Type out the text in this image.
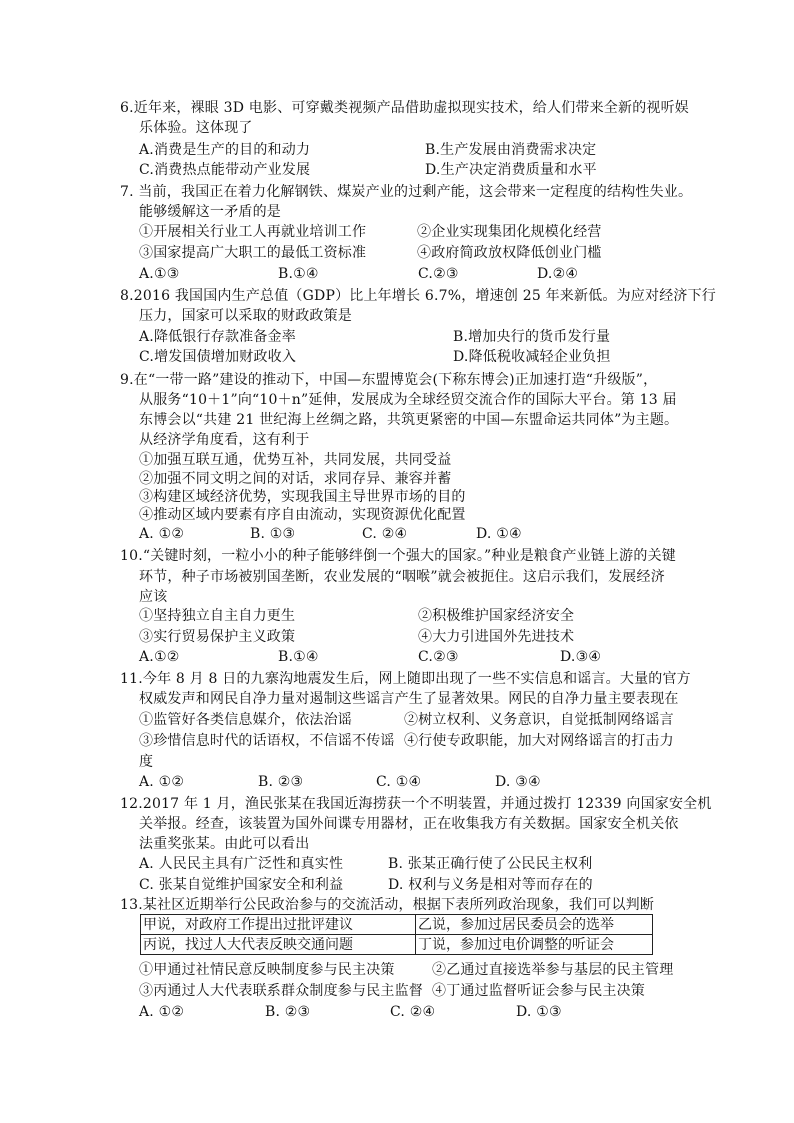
6.近年来，裸眼 3D 电影、可穿戴类视频产品借助虚拟现实技术，给人们带来全新的视听娱
乐体验。这体现了
A.消费是生产的目的和动力	B.生产发展由消费需求决定
C.消费热点能带动产业发展	D.生产决定消费质量和水平
7. 当前，我国正在着力化解钢铁、煤炭产业的过剩产能，这会带来一定程度的结构性失业。
能够缓解这一矛盾的是
①开展相关行业工人再就业培训工作	②企业实现集团化规模化经营
③国家提高广大职工的最低工资标准	④政府简政放权降低创业门槛
A.①③	B.①④	C.②③	D.②④
8.2016 我国国内生产总值（GDP）比上年增长 6.7%，增速创 25 年来新低。为应对经济下行
压力，国家可以采取的财政政策是
A.降低银行存款准备金率	B.增加央行的货币发行量
C.增发国债增加财政收入	D.降低税收减轻企业负担
9.在“一带一路”建设的推动下，中国—东盟博览会(下称东博会)正加速打造“升级版”，
从服务“10＋1”向“10＋n”延伸，发展成为全球经贸交流合作的国际大平台。第 13 届
东博会以“共建 21 世纪海上丝绸之路，共筑更紧密的中国—东盟命运共同体”为主题。
从经济学角度看，这有利于
①加强互联互通，优势互补，共同发展，共同受益
②加强不同文明之间的对话，求同存异、兼容并蓄
③构建区域经济优势，实现我国主导世界市场的目的
④推动区域内要素有序自由流动，实现资源优化配置
A. ①②	B. ①③	C. ②④	D. ①④
10.“关键时刻，一粒小小的种子能够绊倒一个强大的国家。”种业是粮食产业链上游的关键
环节，种子市场被别国垄断，农业发展的“咽喉”就会被扼住。这启示我们，发展经济
应该
①坚持独立自主自力更生	②积极维护国家经济安全
③实行贸易保护主义政策	④大力引进国外先进技术
A.①②	B.①④	C.②③	D.③④
11.今年 8 月 8 日的九寨沟地震发生后，网上随即出现了一些不实信息和谣言。大量的官方
权威发声和网民自净力量对遏制这些谣言产生了显著效果。网民的自净力量主要表现在
①监管好各类信息媒介，依法治谣	②树立权利、义务意识，自觉抵制网络谣言
③珍惜信息时代的话语权，不信谣不传谣 ④行使专政职能，加大对网络谣言的打击力
度
A. ①②	B. ②③	C. ①④	D. ③④
12.2017 年 1 月，渔民张某在我国近海捞获一个不明装置，并通过拨打 12339 向国家安全机
关举报。经查，该装置为国外间谍专用器材，正在收集我方有关数据。国家安全机关依
法重奖张某。由此可以看出
A. 人民民主具有广泛性和真实性	B. 张某正确行使了公民民主权利
C. 张某自觉维护国家安全和利益	D. 权利与义务是相对等而存在的
13.某社区近期举行公民政治参与的交流活动，根据下表所列政治现象，我们可以判断
甲说，对政府工作提出过批评建议	乙说，参加过居民委员会的选举
丙说，找过人大代表反映交通问题	丁说，参加过电价调整的听证会
①甲通过社情民意反映制度参与民主决策	②乙通过直接选举参与基层的民主管理
③丙通过人大代表联系群众制度参与民主监督 ④丁通过监督听证会参与民主决策
A. ①②	B. ②③	C. ②④	D. ①③
